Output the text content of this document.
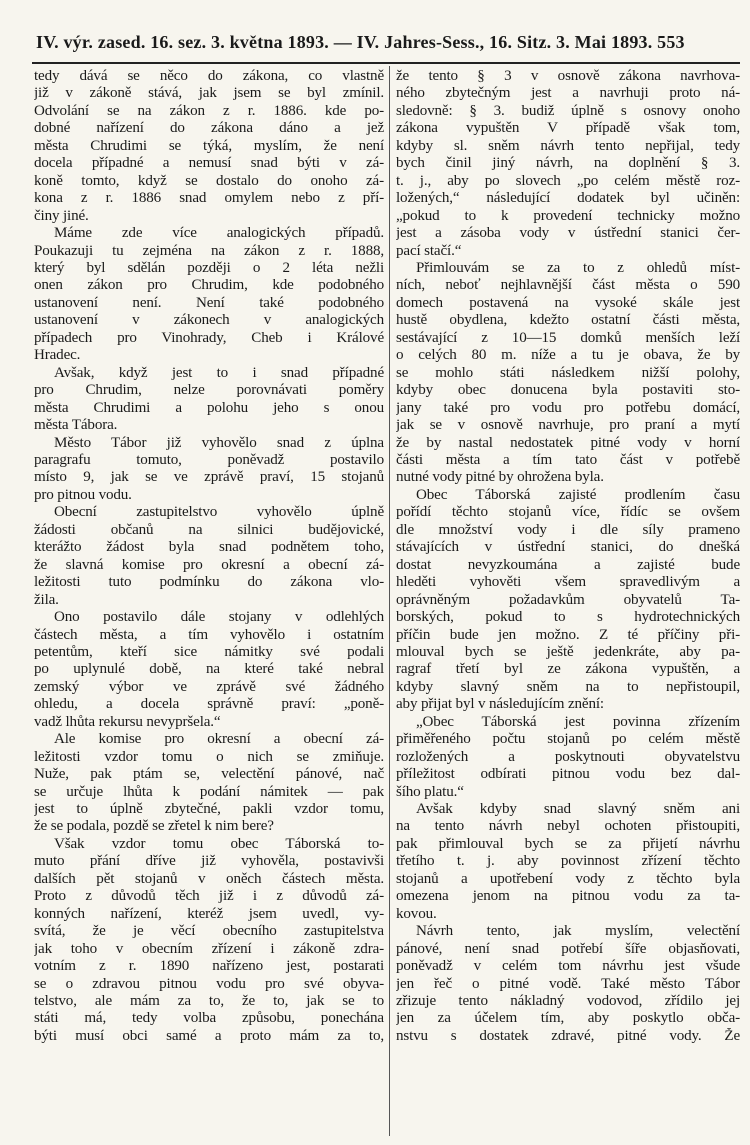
IV. výr. zased. 16. sez. 3. května 1893. — IV. Jahres-Sess., 16. Sitz. 3. Mai 1893. 553
tedy dává se něco do zákona, co vlastně
již v zákoně stává, jak jsem se byl zmínil.
Odvolání se na zákon z r. 1886. kde po-
dobné nařízení do zákona dáno a jež
města Chrudimi se týká, myslím, že není
docela případné a nemusí snad býti v zá-
koně tomto, když se dostalo do onoho zá-
kona z r. 1886 snad omylem nebo z pří-
činy jiné.
Máme zde více analogických případů.
Poukazuji tu zejména na zákon z r. 1888,
který byl sdělán později o 2 léta nežli
onen zákon pro Chrudim, kde podobného
ustanovení není. Není také podobného
ustanovení v zákonech v analogických
případech pro Vinohrady, Cheb i Králové
Hradec.
Avšak, když jest to i snad případné
pro Chrudim, nelze porovnávati poměry
města Chrudimi a polohu jeho s onou
města Tábora.
Město Tábor již vyhovělo snad z úplna
paragrafu tomuto, poněvadž postavilo
místo 9, jak se ve zprávě praví, 15 stojanů
pro pitnou vodu.
Obecní zastupitelstvo vyhovělo úplně
žádosti občanů na silnici budějovické,
kterážto žádost byla snad podnětem toho,
že slavná komise pro okresní a obecní zá-
ležitosti tuto podmínku do zákona vlo-
žila.
Ono postavilo dále stojany v odlehlých
částech města, a tím vyhovělo i ostatním
petentům, kteří sice námitky své podali
po uplynulé době, na které také nebral
zemský výbor ve zprávě své žádného
ohledu, a docela správně praví: „poně-
vadž lhůta rekursu nevypršela.“
Ale komise pro okresní a obecní zá-
ležitosti vzdor tomu o nich se zmiňuje.
Nuže, pak ptám se, velectění pánové, nač
se určuje lhůta k podání námitek — pak
jest to úplně zbytečné, pakli vzdor tomu,
že se podala, pozdě se zřetel k nim bere?
Však vzdor tomu obec Táborská to-
muto přání dříve již vyhověla, postavivši
dalších pět stojanů v oněch částech města.
Proto z důvodů těch již i z důvodů zá-
konných nařízení, kteréž jsem uvedl, vy-
svítá, že je věcí obecního zastupitelstva
jak toho v obecním zřízení i zákoně zdra-
votním z r. 1890 nařízeno jest, postarati
se o zdravou pitnou vodu pro své obyva-
telstvo, ale mám za to, že to, jak se to
státi má, tedy volba způsobu, ponechána
býti musí obci samé a proto mám za to,
že tento § 3 v osnově zákona navrhova-
ného zbytečným jest a navrhuji proto ná-
sledovně: § 3. budiž úplně s osnovy onoho
zákona vypuštěn V případě však tom,
kdyby sl. sněm návrh tento nepřijal, tedy
bych činil jiný návrh, na doplnění § 3.
t. j., aby po slovech „po celém městě roz-
ložených,“ následující dodatek byl učiněn:
„pokud to k provedení technicky možno
jest a zásoba vody v ústřední stanici čer-
pací stačí.“
Přimlouvám se za to z ohledů míst-
ních, neboť nejhlavnější část města o 590
domech postavená na vysoké skále jest
hustě obydlena, kdežto ostatní části města,
sestávající z 10—15 domků menších leží
o celých 80 m. níže a tu je obava, že by
se mohlo státi následkem nižší polohy,
kdyby obec donucena byla postaviti sto-
jany také pro vodu pro potřebu domácí,
jak se v osnově navrhuje, pro praní a mytí
že by nastal nedostatek pitné vody v horní
části města a tím tato část v potřebě
nutné vody pitné by ohrožena byla.
Obec Táborská zajisté prodlením času
pořídí těchto stojanů více, řídíc se ovšem
dle množství vody i dle síly prameno
stávajících v ústřední stanici, do dnešká
dostat nevyzkoumána a zajisté bude
hleděti vyhověti všem spravedlivým a
oprávněným požadavkům obyvatelů Ta-
borských, pokud to s hydrotechnických
příčin bude jen možno. Z té příčiny při-
mlouval bych se ještě jedenkráte, aby pa-
ragraf třetí byl ze zákona vypuštěn, a
kdyby slavný sněm na to nepřistoupil,
aby přijat byl v následujícím znění:
„Obec Táborská jest povinna zřízením
přiměřeného počtu stojanů po celém městě
rozložených a poskytnouti obyvatelstvu
příležitost odbírati pitnou vodu bez dal-
šího platu.“
Avšak kdyby snad slavný sněm ani
na tento návrh nebyl ochoten přistoupiti,
pak přimlouval bych se za přijetí návrhu
třetího t. j. aby povinnost zřízení těchto
stojanů a upotřebení vody z těchto byla
omezena jenom na pitnou vodu za ta-
kovou.
Návrh tento, jak myslím, velectění
pánové, není snad potřebí šíře objasňovati,
poněvadž v celém tom návrhu jest všude
jen řeč o pitné vodě. Také město Tábor
zřizuje tento nákladný vodovod, zřídilo jej
jen za účelem tím, aby poskytlo obča-
nstvu s dostatek zdravé, pitné vody. Že
